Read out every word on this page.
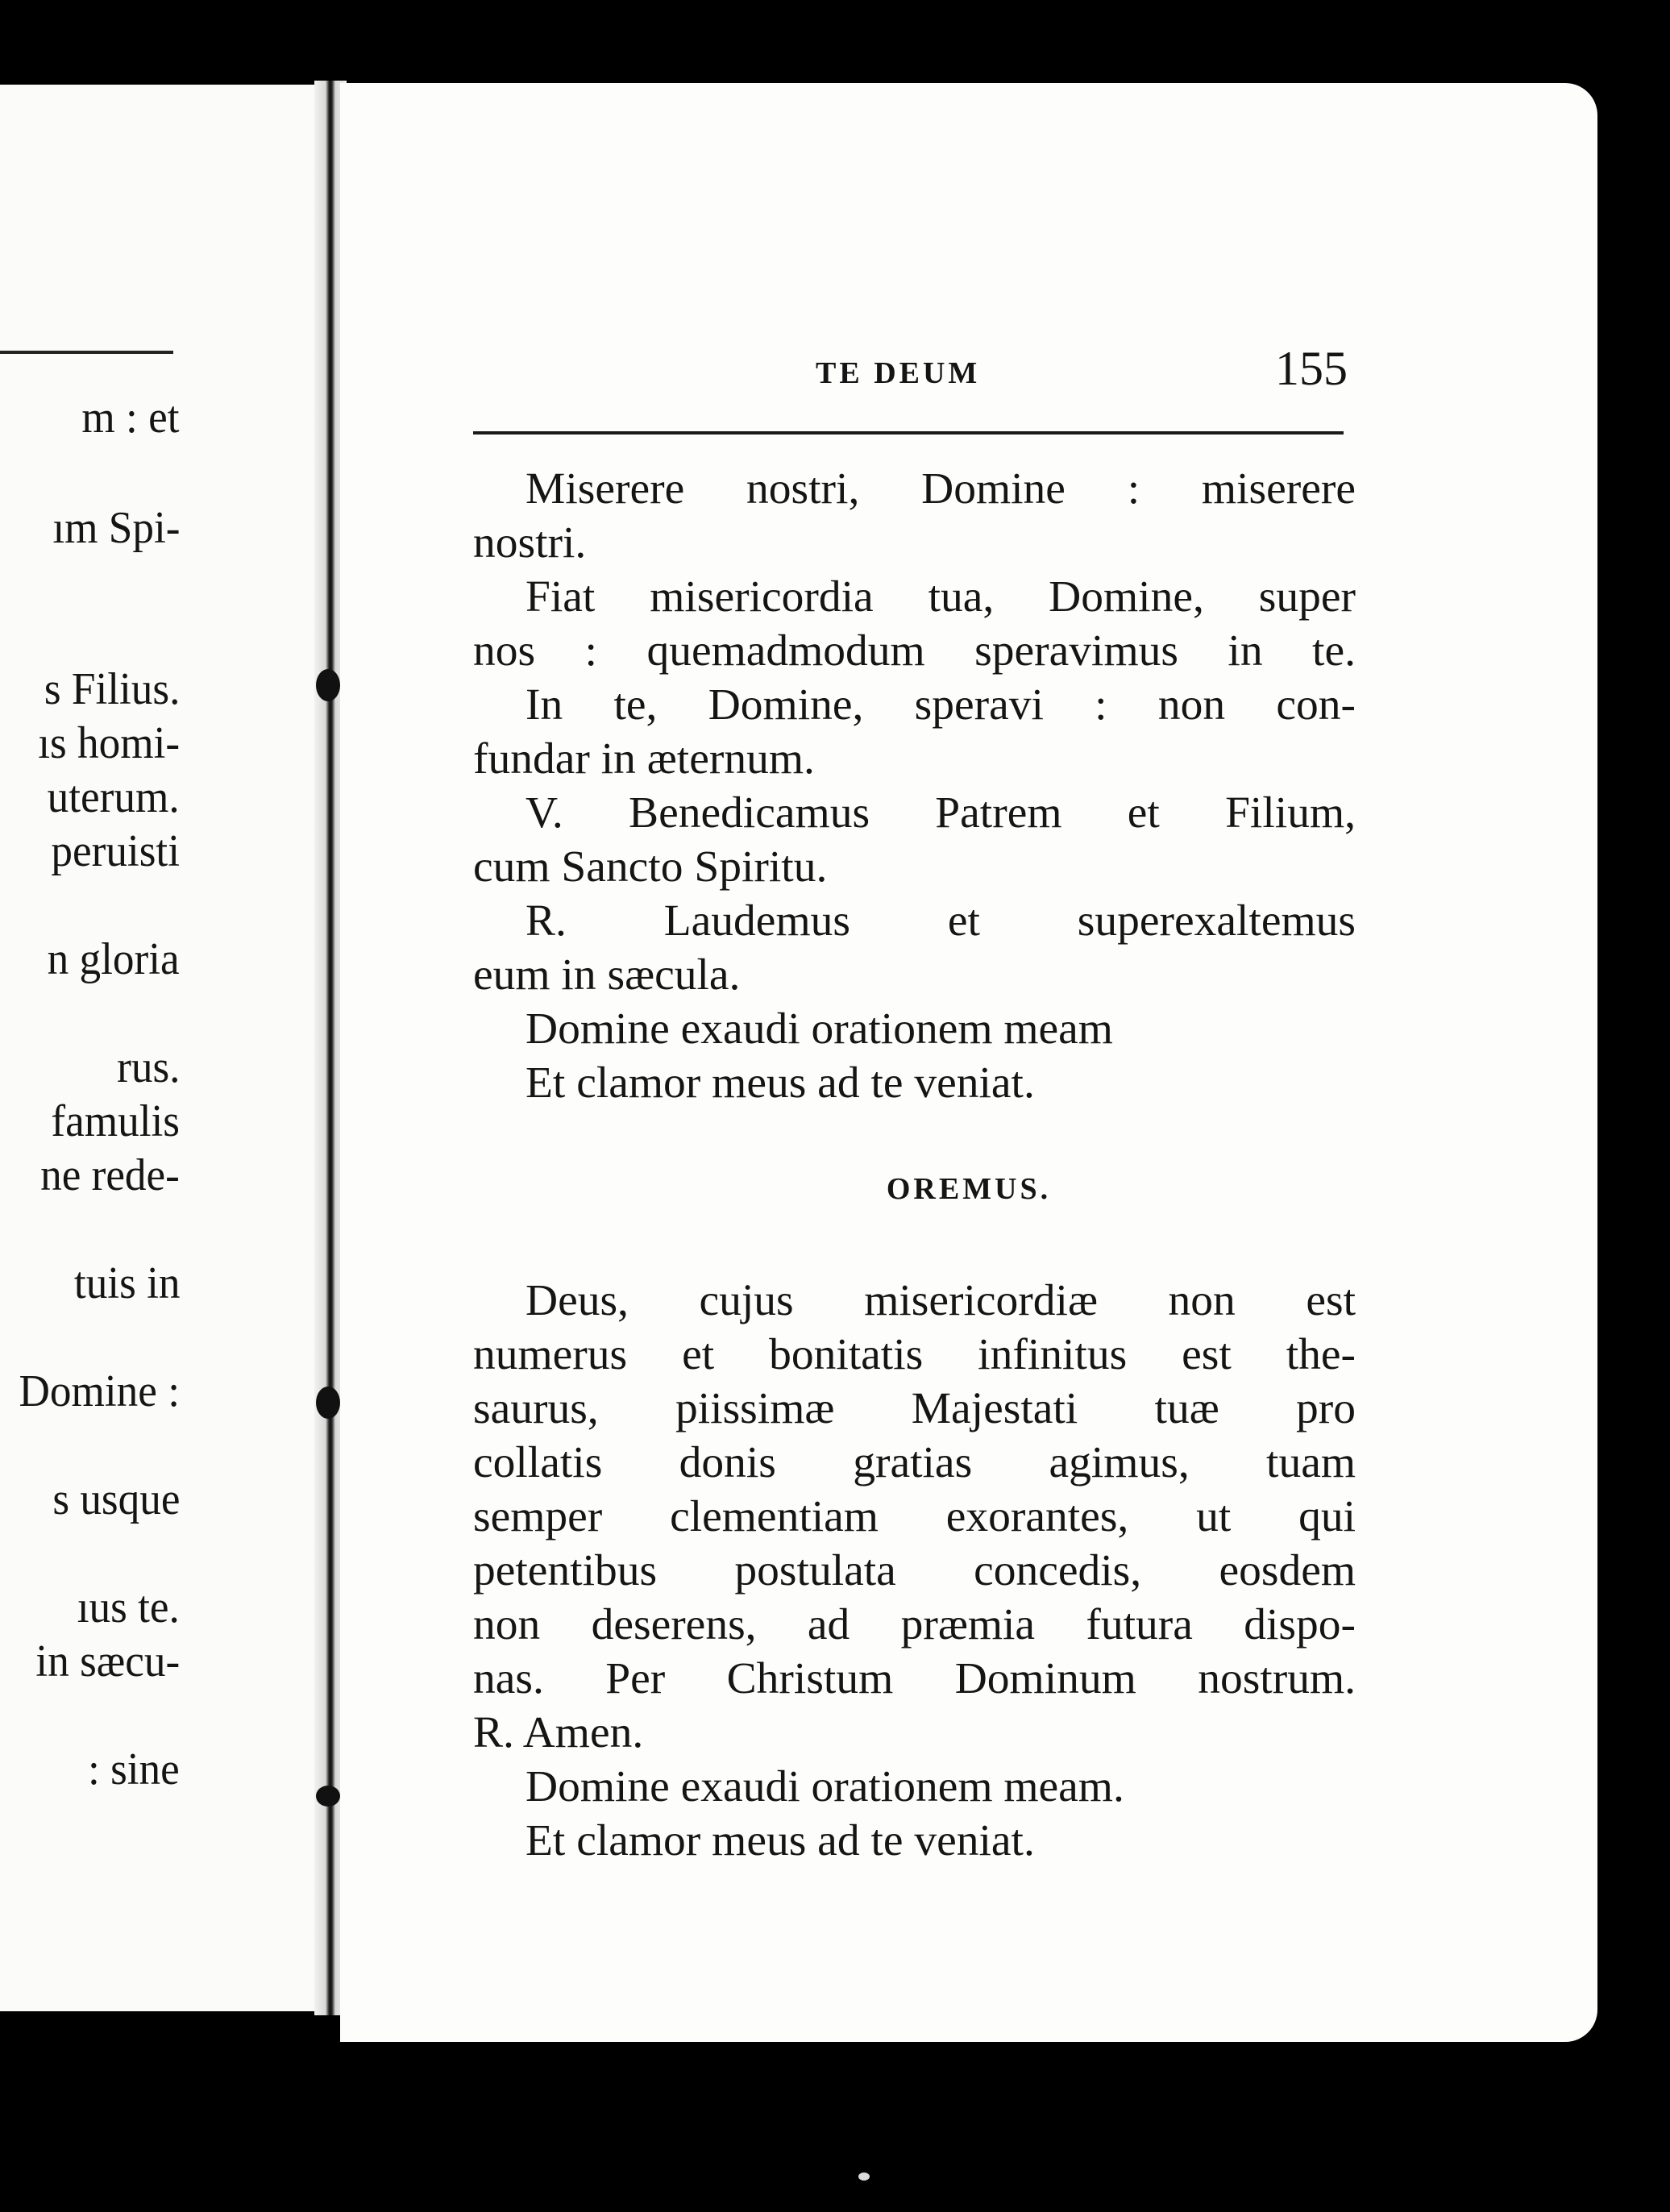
m : et
ım Spi-
s Filius.
ıs homi-
uterum.
peruisti
n gloria
rus.
famulis
ne rede-
tuis in
Domine :
s usque
ıus te.
in sæcu-
: sine
TE DEUM	155
Miserere nostri, Domine : miserere
nostri.
Fiat misericordia tua, Domine, super
nos : quemadmodum speravimus in te.
In te, Domine, speravi : non con-
fundar in æternum.
V. Benedicamus Patrem et Filium,
cum Sancto Spiritu.
R. Laudemus et superexaltemus
eum in sæcula.
Domine exaudi orationem meam
Et clamor meus ad te veniat.
OREMUS.
Deus, cujus misericordiæ non est
numerus et bonitatis infinitus est the-
saurus, piissimæ Majestati tuæ pro
collatis donis gratias agimus, tuam
semper clementiam exorantes, ut qui
petentibus postulata concedis, eosdem
non deserens, ad præmia futura dispo-
nas. Per Christum Dominum nostrum.
R. Amen.
Domine exaudi orationem meam.
Et clamor meus ad te veniat.
